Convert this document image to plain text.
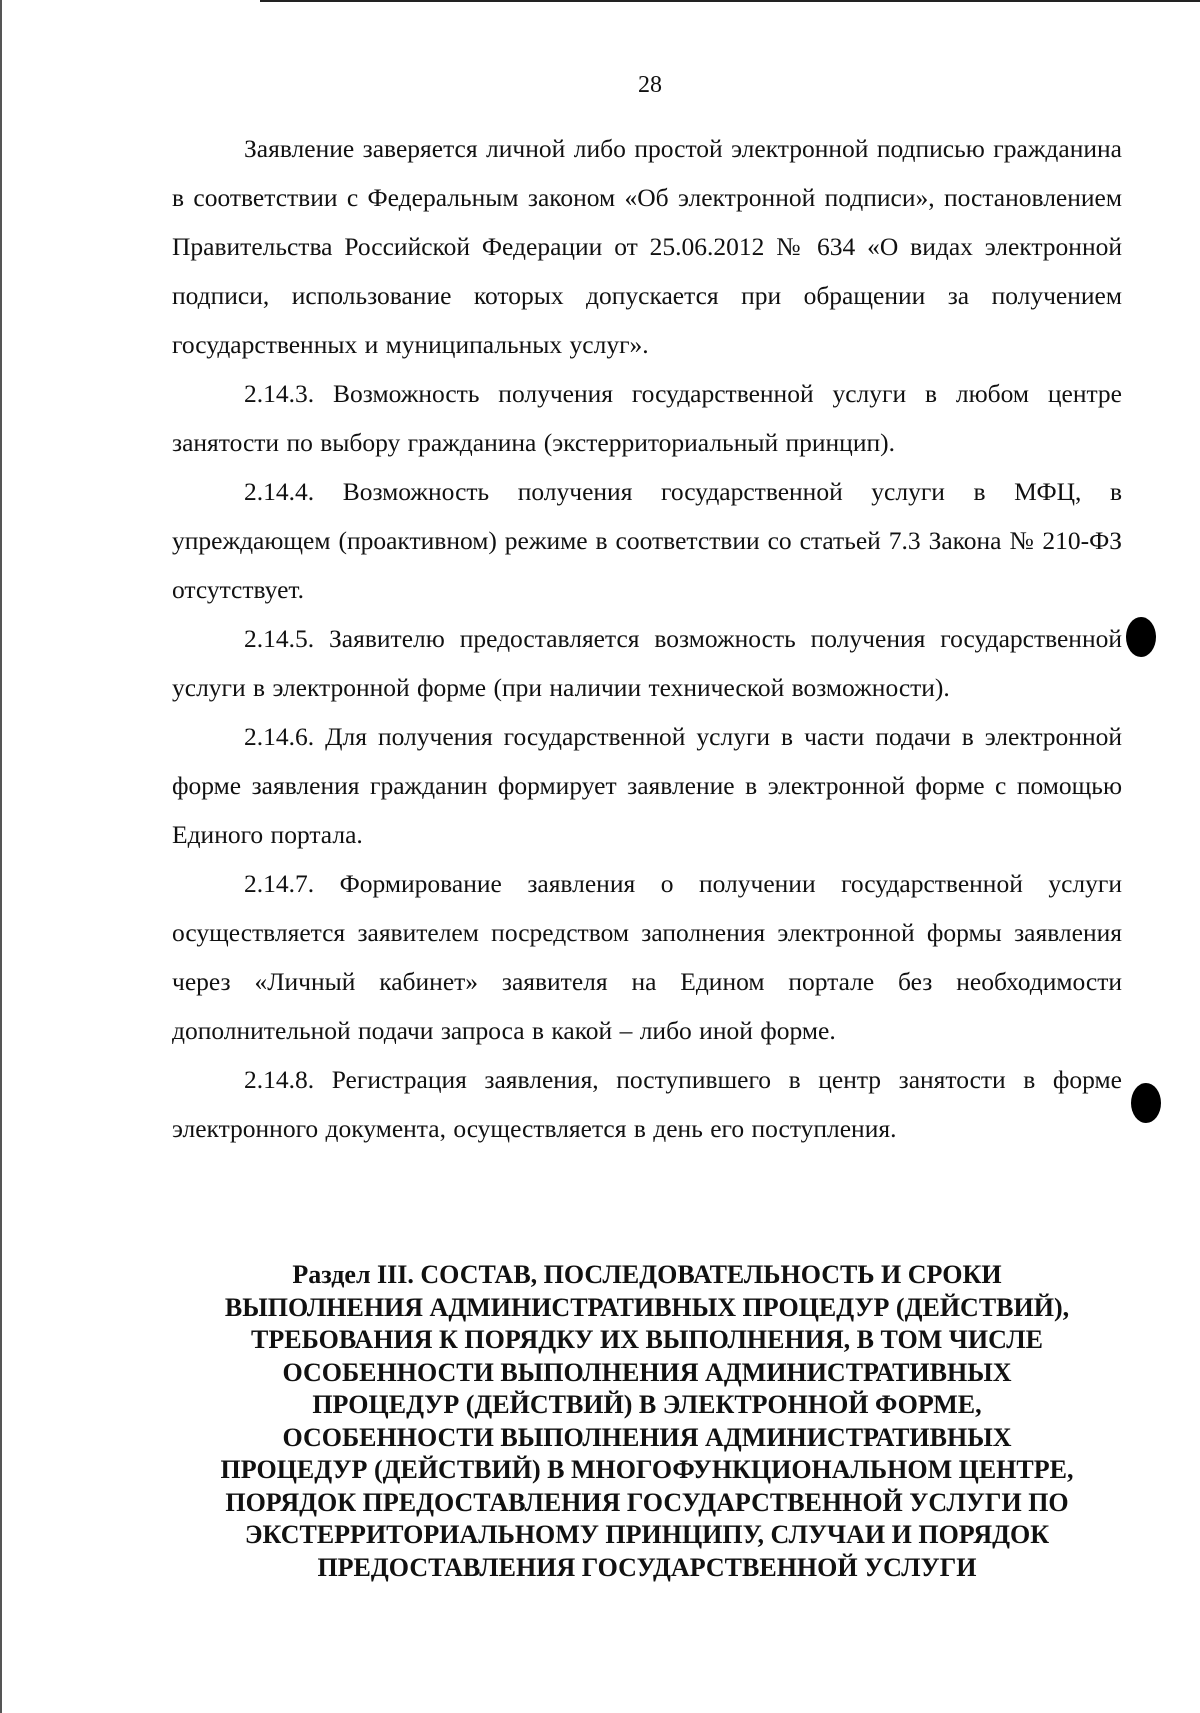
28

Заявление заверяется личной либо простой электронной подписью гражданина в соответствии с Федеральным законом «Об электронной подписи», постановлением Правительства Российской Федерации от 25.06.2012 № 634 «О видах электронной подписи, использование которых допускается при обращении за получением государственных и муниципальных услуг».

2.14.3. Возможность получения государственной услуги в любом центре занятости по выбору гражданина (экстерриториальный принцип).

2.14.4. Возможность получения государственной услуги в МФЦ, в упреждающем (проактивном) режиме в соответствии со статьей 7.3 Закона № 210-ФЗ отсутствует.

2.14.5. Заявителю предоставляется возможность получения государственной услуги в электронной форме (при наличии технической возможности).

2.14.6. Для получения государственной услуги в части подачи в электронной форме заявления гражданин формирует заявление в электронной форме с помощью Единого портала.

2.14.7. Формирование заявления о получении государственной услуги осуществляется заявителем посредством заполнения электронной формы заявления через «Личный кабинет» заявителя на Едином портале без необходимости дополнительной подачи запроса в какой – либо иной форме.

2.14.8. Регистрация заявления, поступившего в центр занятости в форме электронного документа, осуществляется в день его поступления.

Раздел III. СОСТАВ, ПОСЛЕДОВАТЕЛЬНОСТЬ И СРОКИ
ВЫПОЛНЕНИЯ АДМИНИСТРАТИВНЫХ ПРОЦЕДУР (ДЕЙСТВИЙ),
ТРЕБОВАНИЯ К ПОРЯДКУ ИХ ВЫПОЛНЕНИЯ, В ТОМ ЧИСЛЕ
ОСОБЕННОСТИ ВЫПОЛНЕНИЯ АДМИНИСТРАТИВНЫХ
ПРОЦЕДУР (ДЕЙСТВИЙ) В ЭЛЕКТРОННОЙ ФОРМЕ,
ОСОБЕННОСТИ ВЫПОЛНЕНИЯ АДМИНИСТРАТИВНЫХ
ПРОЦЕДУР (ДЕЙСТВИЙ) В МНОГОФУНКЦИОНАЛЬНОМ ЦЕНТРЕ,
ПОРЯДОК ПРЕДОСТАВЛЕНИЯ ГОСУДАРСТВЕННОЙ УСЛУГИ ПО
ЭКСТЕРРИТОРИАЛЬНОМУ ПРИНЦИПУ, СЛУЧАИ И ПОРЯДОК
ПРЕДОСТАВЛЕНИЯ ГОСУДАРСТВЕННОЙ УСЛУГИ
